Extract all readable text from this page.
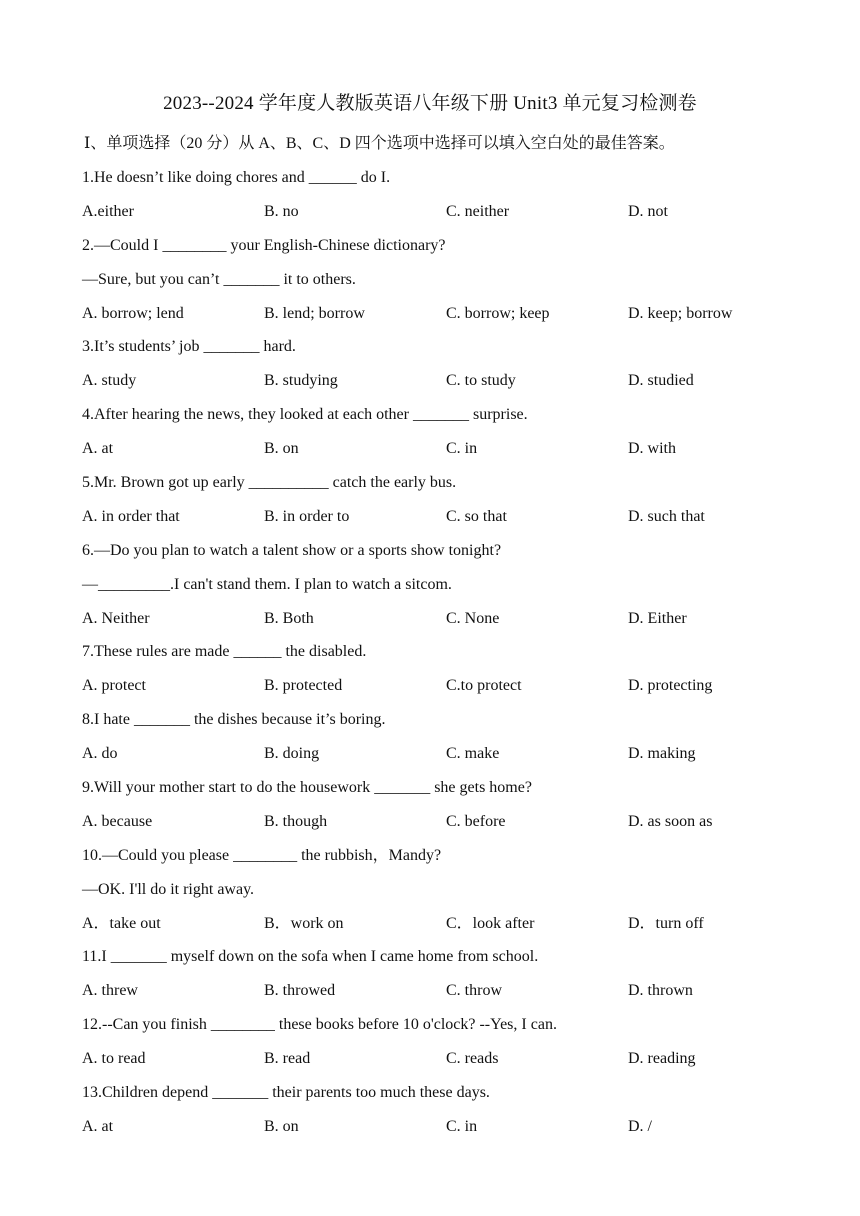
2023--2024 学年度人教版英语八年级下册 Unit3 单元复习检测卷
Ⅰ、单项选择（20 分）从 A、B、C、D 四个选项中选择可以填入空白处的最佳答案。
1.He doesn’t like doing chores and ______ do I.
A.either	B. no	C. neither	D. not
2.—Could I ________ your English-Chinese dictionary?
—Sure, but you can’t _______ it to others.
A. borrow; lend	B. lend; borrow	C. borrow; keep	D. keep; borrow
3.It’s students’ job _______ hard.
A. study	B. studying	C. to study	D. studied
4.After hearing the news, they looked at each other _______ surprise.
A. at	B. on	C. in	D. with
5.Mr. Brown got up early __________ catch the early bus.
A. in order that	B. in order to	C. so that	D. such that
6.—Do you plan to watch a talent show or a sports show tonight?
—_________.I can't stand them. I plan to watch a sitcom.
A. Neither	B. Both	C. None	D. Either
7.These rules are made ______ the disabled.
A. protect	B. protected	C.to protect	D. protecting
8.I hate _______ the dishes because it’s boring.
A. do	B. doing	C. make	D. making
9.Will your mother start to do the housework _______ she gets home?
A. because	B. though	C. before	D. as soon as
10.—Could you please ________ the rubbish，Mandy?
—OK. I'll do it right away.
A．take out	B．work on	C．look after	D．turn off
11.I _______ myself down on the sofa when I came home from school.
A. threw	B. throwed	C. throw	D. thrown
12.--Can you finish ________ these books before 10 o'clock? --Yes, I can.
A. to read	B. read	C. reads	D. reading
13.Children depend _______ their parents too much these days.
A. at	B. on	C. in	D. /
